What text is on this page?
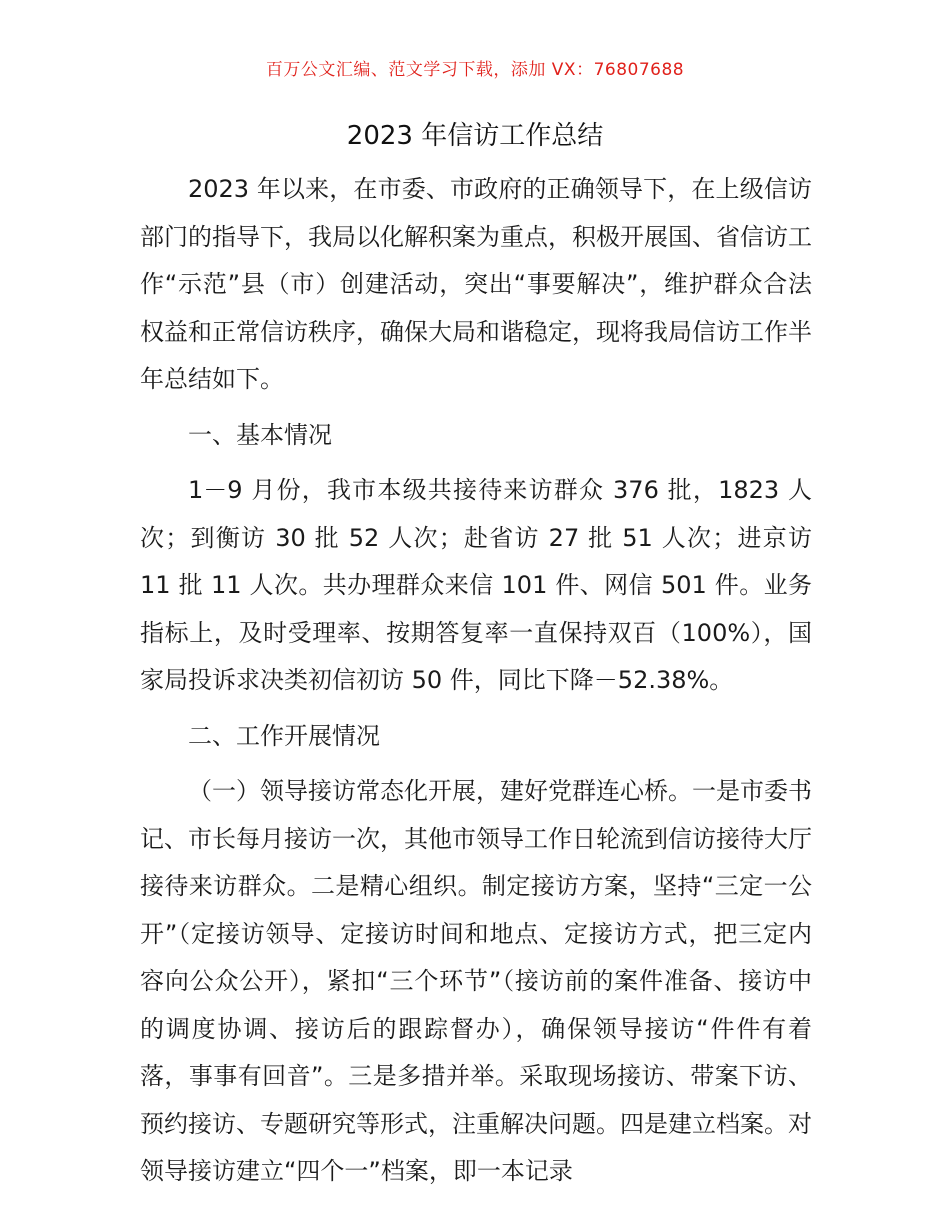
百万公文汇编、范文学习下载，添加 VX：76807688
2023 年信访工作总结

2023 年以来，在市委、市政府的正确领导下，在上级信访部门的指导下，我局以化解积案为重点，积极开展国、省信访工作“示范”县（市）创建活动，突出“事要解决”，维护群众合法权益和正常信访秩序，确保大局和谐稳定，现将我局信访工作半年总结如下。

一、基本情况

1－9 月份，我市本级共接待来访群众 376 批，1823 人次；到衡访 30 批 52 人次；赴省访 27 批 51 人次；进京访 11 批 11 人次。共办理群众来信 101 件、网信 501 件。业务指标上，及时受理率、按期答复率一直保持双百（100%），国家局投诉求决类初信初访 50 件，同比下降－52.38%。

二、工作开展情况

（一）领导接访常态化开展，建好党群连心桥。一是市委书记、市长每月接访一次，其他市领导工作日轮流到信访接待大厅接待来访群众。二是精心组织。制定接访方案，坚持“三定一公开”（定接访领导、定接访时间和地点、定接访方式，把三定内容向公众公开），紧扣“三个环节”（接访前的案件准备、接访中的调度协调、接访后的跟踪督办），确保领导接访“件件有着落，事事有回音”。三是多措并举。采取现场接访、带案下访、预约接访、专题研究等形式，注重解决问题。四是建立档案。对领导接访建立“四个一”档案，即一本记录
